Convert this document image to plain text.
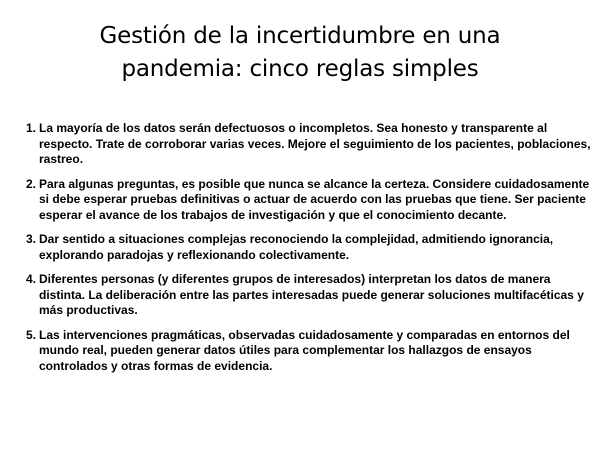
Gestión de la incertidumbre en una
pandemia: cinco reglas simples
1. La mayoría de los datos serán defectuosos o incompletos. Sea honesto y transparente al respecto. Trate de corroborar varias veces. Mejore el seguimiento de los pacientes, poblaciones, rastreo.
2. Para algunas preguntas, es posible que nunca se alcance la certeza. Considere cuidadosamente si debe esperar pruebas definitivas o actuar de acuerdo con las pruebas que tiene. Ser paciente esperar el avance de los trabajos de investigación y que el conocimiento decante.
3. Dar sentido a situaciones complejas reconociendo la complejidad, admitiendo ignorancia, explorando paradojas y reflexionando colectivamente.
4. Diferentes personas (y diferentes grupos de interesados) interpretan los datos de manera distinta. La deliberación entre las partes interesadas puede generar soluciones multifacéticas y más productivas.
5. Las intervenciones pragmáticas, observadas cuidadosamente y comparadas en entornos del mundo real, pueden generar datos útiles para complementar los hallazgos de ensayos controlados y otras formas de evidencia.
